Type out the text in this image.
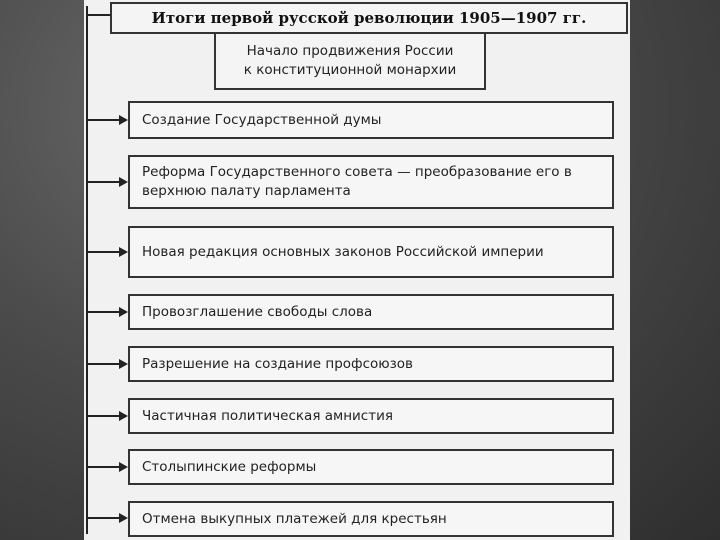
Итоги первой русской революции 1905—1907 гг.
Начало продвижения России
к конституционной монархии
Создание Государственной думы
Реформа Государственного совета — преобразование его в
верхнюю палату парламента
Новая редакция основных законов Российской империи
Провозглашение свободы слова
Разрешение на создание профсоюзов
Частичная политическая амнистия
Столыпинские реформы
Отмена выкупных платежей для крестьян
